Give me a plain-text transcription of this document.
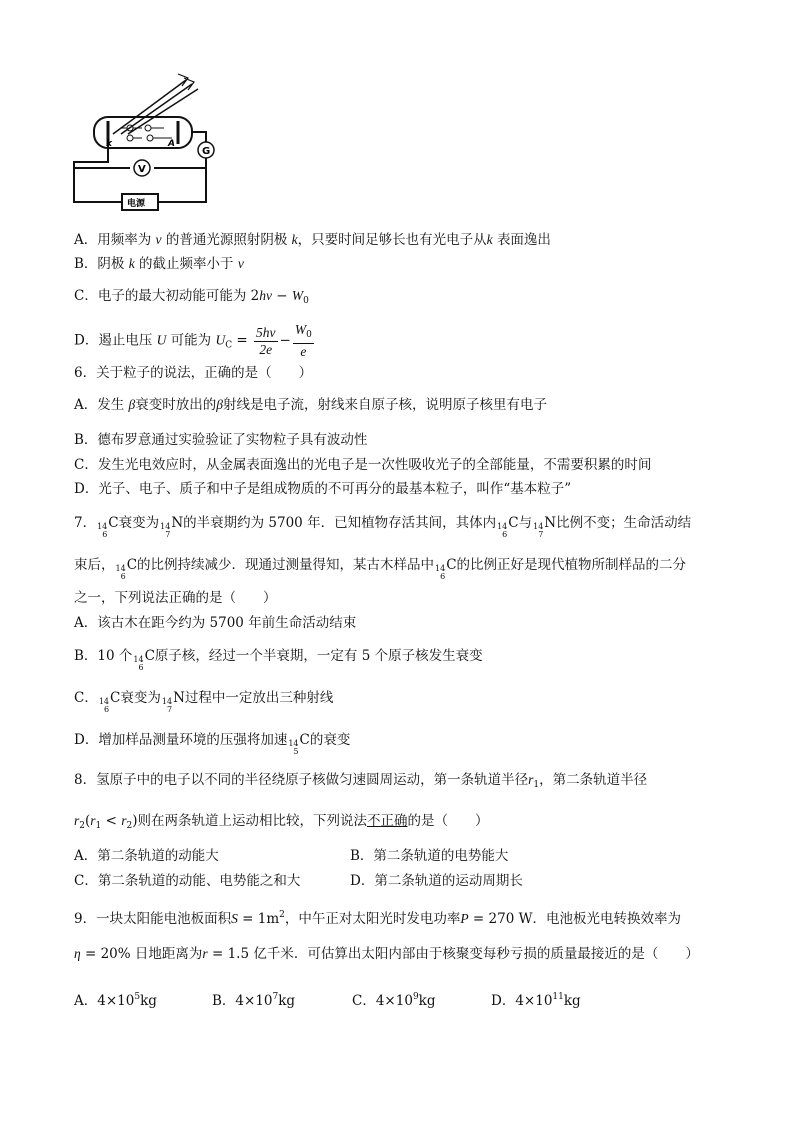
G
V
k	A
电源
A．用频率为 ν 的普通光源照射阴极 k，只要时间足够长也有光电子从k 表面逸出
B．阴极 k 的截止频率小于 ν
C．电子的最大初动能可能为 $2h\nu - W_0$
D．遏止电压 U 可能为 $U_C = \frac{5h\nu}{2e} - \frac{W_0}{e}$
6．关于粒子的说法，正确的是（　　）
A．发生 β衰变时放出的β射线是电子流，射线来自原子核，说明原子核里有电子
B．德布罗意通过实验验证了实物粒子具有波动性
C．发生光电效应时，从金属表面逸出的光电子是一次性吸收光子的全部能量，不需要积累的时间
D．光子、电子、质子和中子是组成物质的不可再分的最基本粒子，叫作“基本粒子”
7． 14
6
C衰变为 14
7
N的半衰期约为 5700 年．已知植物存活其间，其体内 14
6
C与 14
7
N比例不变；生命活动结
束后， 14
6
C的比例持续减少．现通过测量得知，某古木样品中 14
6
C的比例正好是现代植物所制样品的二分
之一，下列说法正确的是（　　）
A．该古木在距今约为 5700 年前生命活动结束
B．10 个 14
6
C原子核，经过一个半衰期，一定有 5 个原子核发生衰变
C． 14
6
C衰变为 14
7
N过程中一定放出三种射线
D．增加样品测量环境的压强将加速 14
5
C的衰变
8．氢原子中的电子以不同的半径绕原子核做匀速圆周运动，第一条轨道半径$r_1$，第二条轨道半径
$r_2(r_1 < r_2)$则在两条轨道上运动相比较，下列说法不正确的是（　　）
A．第二条轨道的动能大	B．第二条轨道的电势能大
C．第二条轨道的动能、电势能之和大	D．第二条轨道的运动周期长
9．一块太阳能电池板面积$S = 1m^2$，中午正对太阳光时发电功率P = 270 W．电池板光电转换效率为
η = 20% 日地距离为r = 1.5 亿千米．可估算出太阳内部由于核聚变每秒亏损的质量最接近的是（　　）
A．$4\times 10^5kg$	B．$4\times 10^7kg$	C．$4\times 10^9kg$	D．$4\times 10^{11}kg$
